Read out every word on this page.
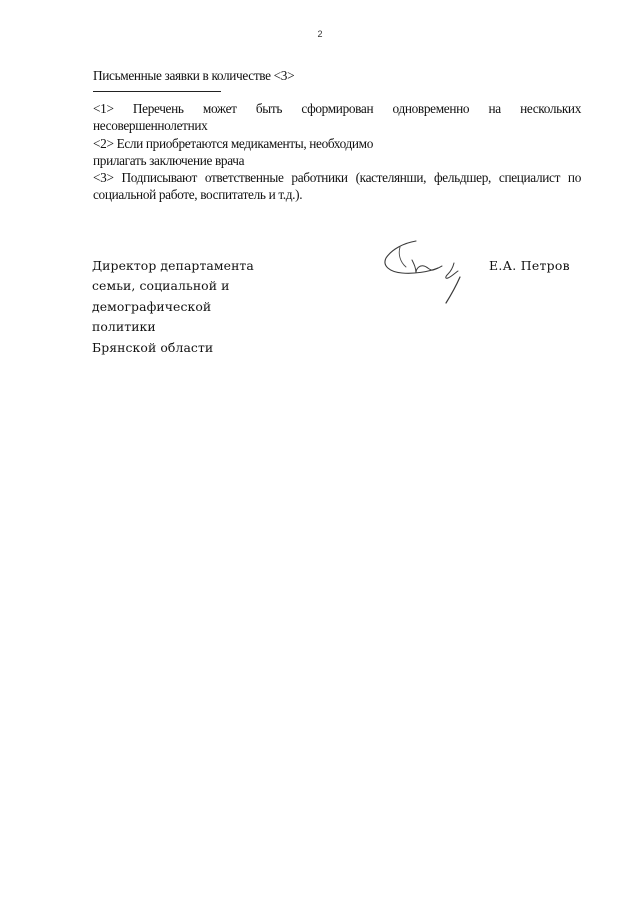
2

Письменные заявки в количестве <3>

<1> Перечень может быть сформирован одновременно на нескольких

несовершеннолетних

<2> Если приобретаются медикаменты, необходимо

прилагать заключение врача

<3> Подписывают ответственные работники (кастелянши, фельдшер, специалист по

социальной работе, воспитатель и т.д.).

Директор департамента
семьи, социальной и
демографической
политики
Брянской области
Е.А. Петров
